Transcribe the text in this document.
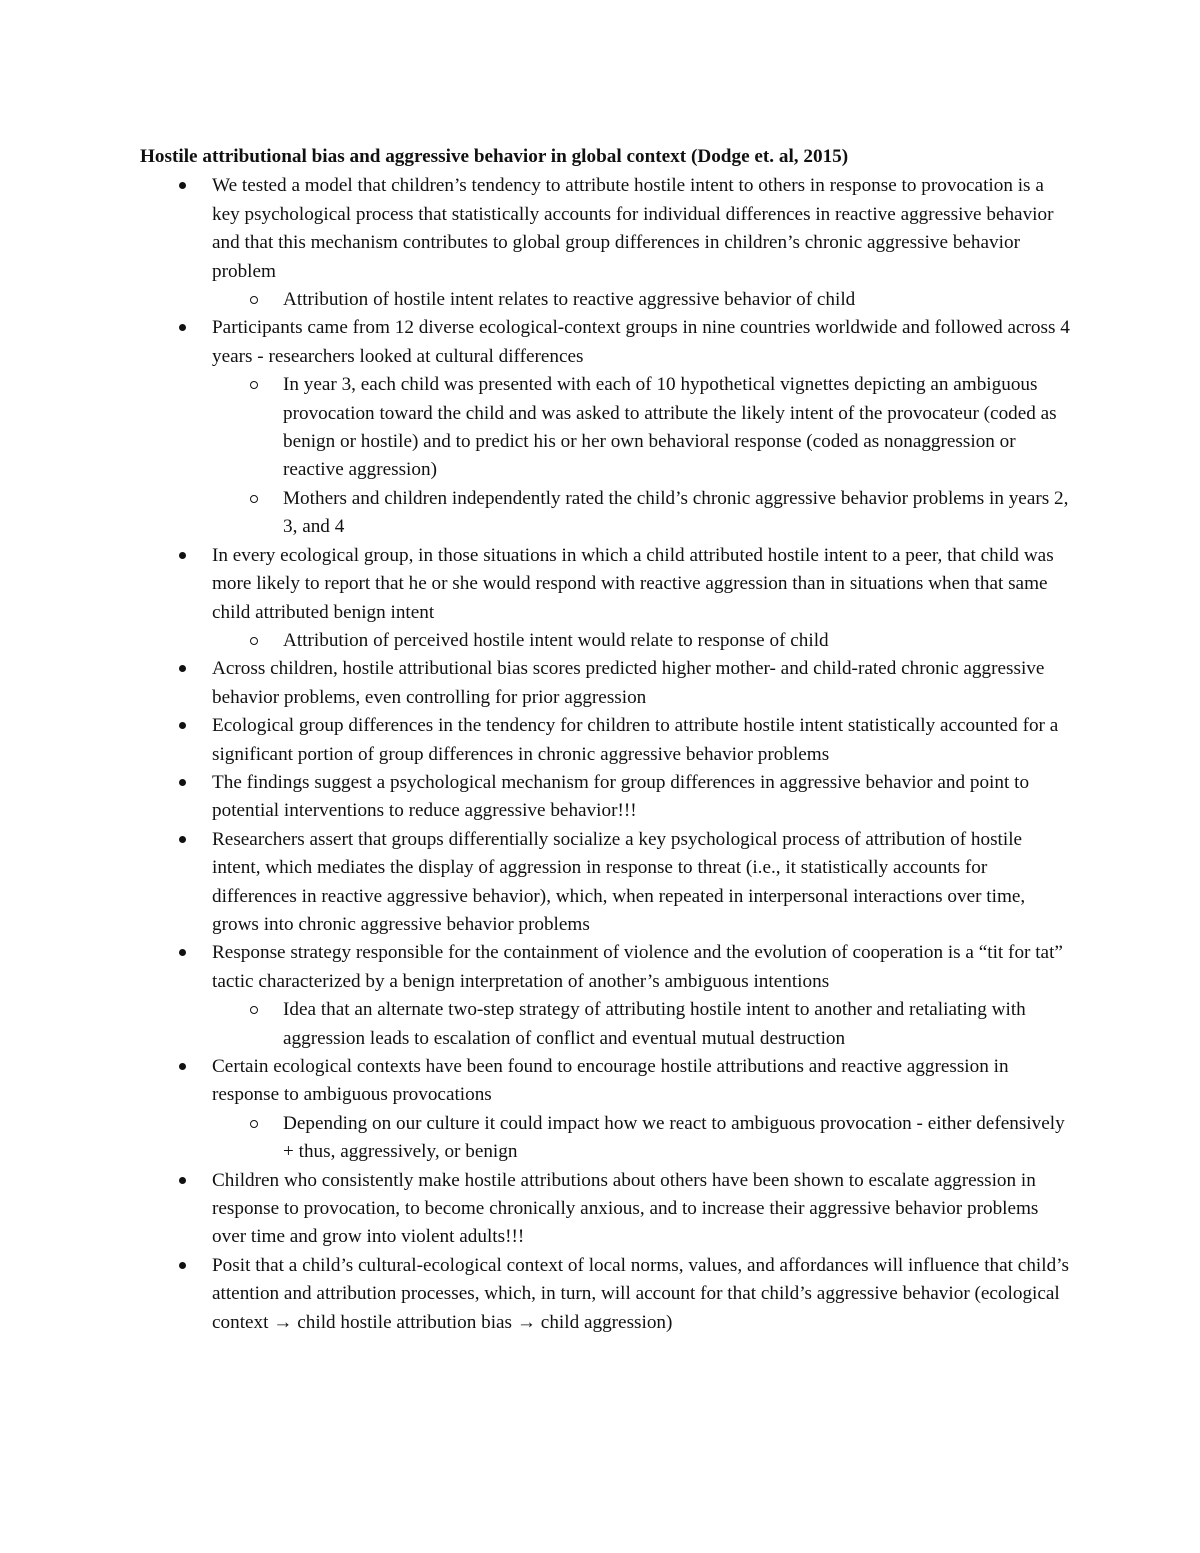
Hostile attributional bias and aggressive behavior in global context (Dodge et. al, 2015)
We tested a model that children’s tendency to attribute hostile intent to others in response to provocation is a key psychological process that statistically accounts for individual differences in reactive aggressive behavior and that this mechanism contributes to global group differences in children’s chronic aggressive behavior problem
Attribution of hostile intent relates to reactive aggressive behavior of child
Participants came from 12 diverse ecological-context groups in nine countries worldwide and followed across 4 years - researchers looked at cultural differences
In year 3, each child was presented with each of 10 hypothetical vignettes depicting an ambiguous provocation toward the child and was asked to attribute the likely intent of the provocateur (coded as benign or hostile) and to predict his or her own behavioral response (coded as nonaggression or reactive aggression)
Mothers and children independently rated the child’s chronic aggressive behavior problems in years 2, 3, and 4
In every ecological group, in those situations in which a child attributed hostile intent to a peer, that child was more likely to report that he or she would respond with reactive aggression than in situations when that same child attributed benign intent
Attribution of perceived hostile intent would relate to response of child
Across children, hostile attributional bias scores predicted higher mother- and child-rated chronic aggressive behavior problems, even controlling for prior aggression
Ecological group differences in the tendency for children to attribute hostile intent statistically accounted for a significant portion of group differences in chronic aggressive behavior problems
The findings suggest a psychological mechanism for group differences in aggressive behavior and point to potential interventions to reduce aggressive behavior!!!
Researchers assert that groups differentially socialize a key psychological process of attribution of hostile intent, which mediates the display of aggression in response to threat (i.e., it statistically accounts for differences in reactive aggressive behavior), which, when repeated in interpersonal interactions over time, grows into chronic aggressive behavior problems
Response strategy responsible for the containment of violence and the evolution of cooperation is a “tit for tat” tactic characterized by a benign interpretation of another’s ambiguous intentions
Idea that an alternate two-step strategy of attributing hostile intent to another and retaliating with aggression leads to escalation of conflict and eventual mutual destruction
Certain ecological contexts have been found to encourage hostile attributions and reactive aggression in response to ambiguous provocations
Depending on our culture it could impact how we react to ambiguous provocation - either defensively + thus, aggressively, or benign
Children who consistently make hostile attributions about others have been shown to escalate aggression in response to provocation, to become chronically anxious, and to increase their aggressive behavior problems over time and grow into violent adults!!!
Posit that a child’s cultural-ecological context of local norms, values, and affordances will influence that child’s attention and attribution processes, which, in turn, will account for that child’s aggressive behavior (ecological context → child hostile attribution bias → child aggression)
